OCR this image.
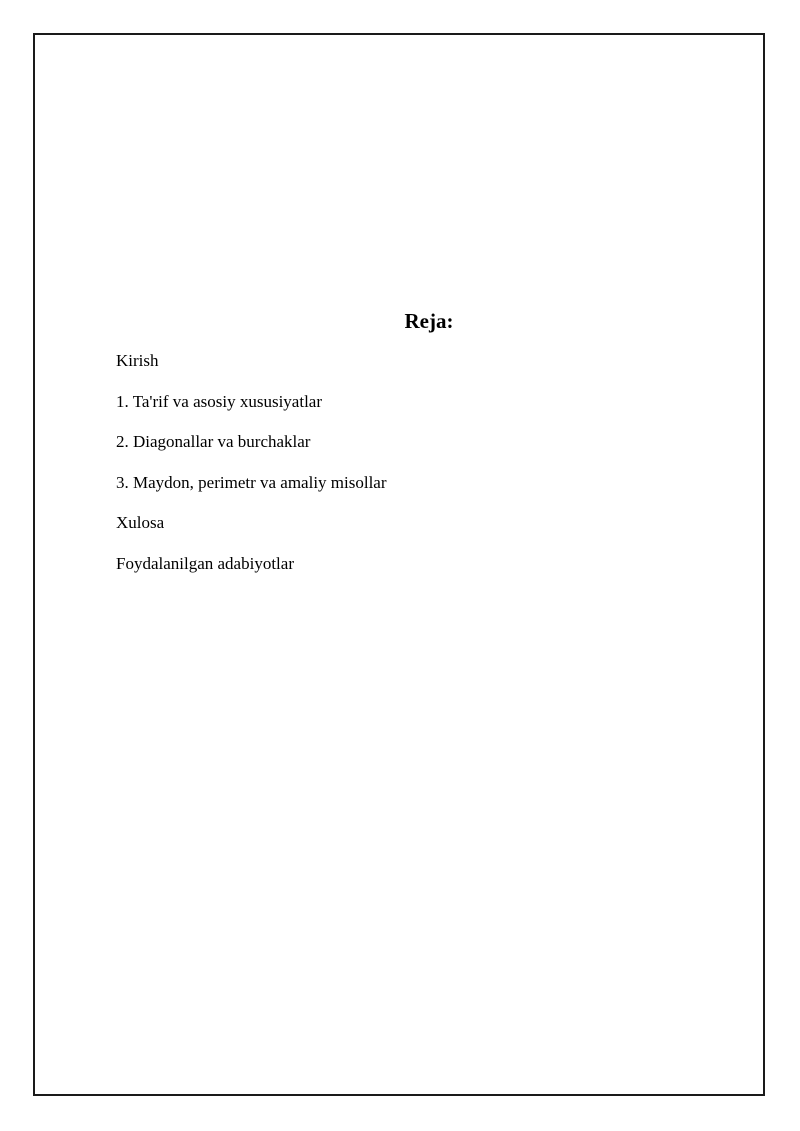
Reja:
Kirish
1. Ta'rif va asosiy xususiyatlar
2. Diagonallar va burchaklar
3. Maydon, perimetr va amaliy misollar
Xulosa
Foydalanilgan adabiyotlar
